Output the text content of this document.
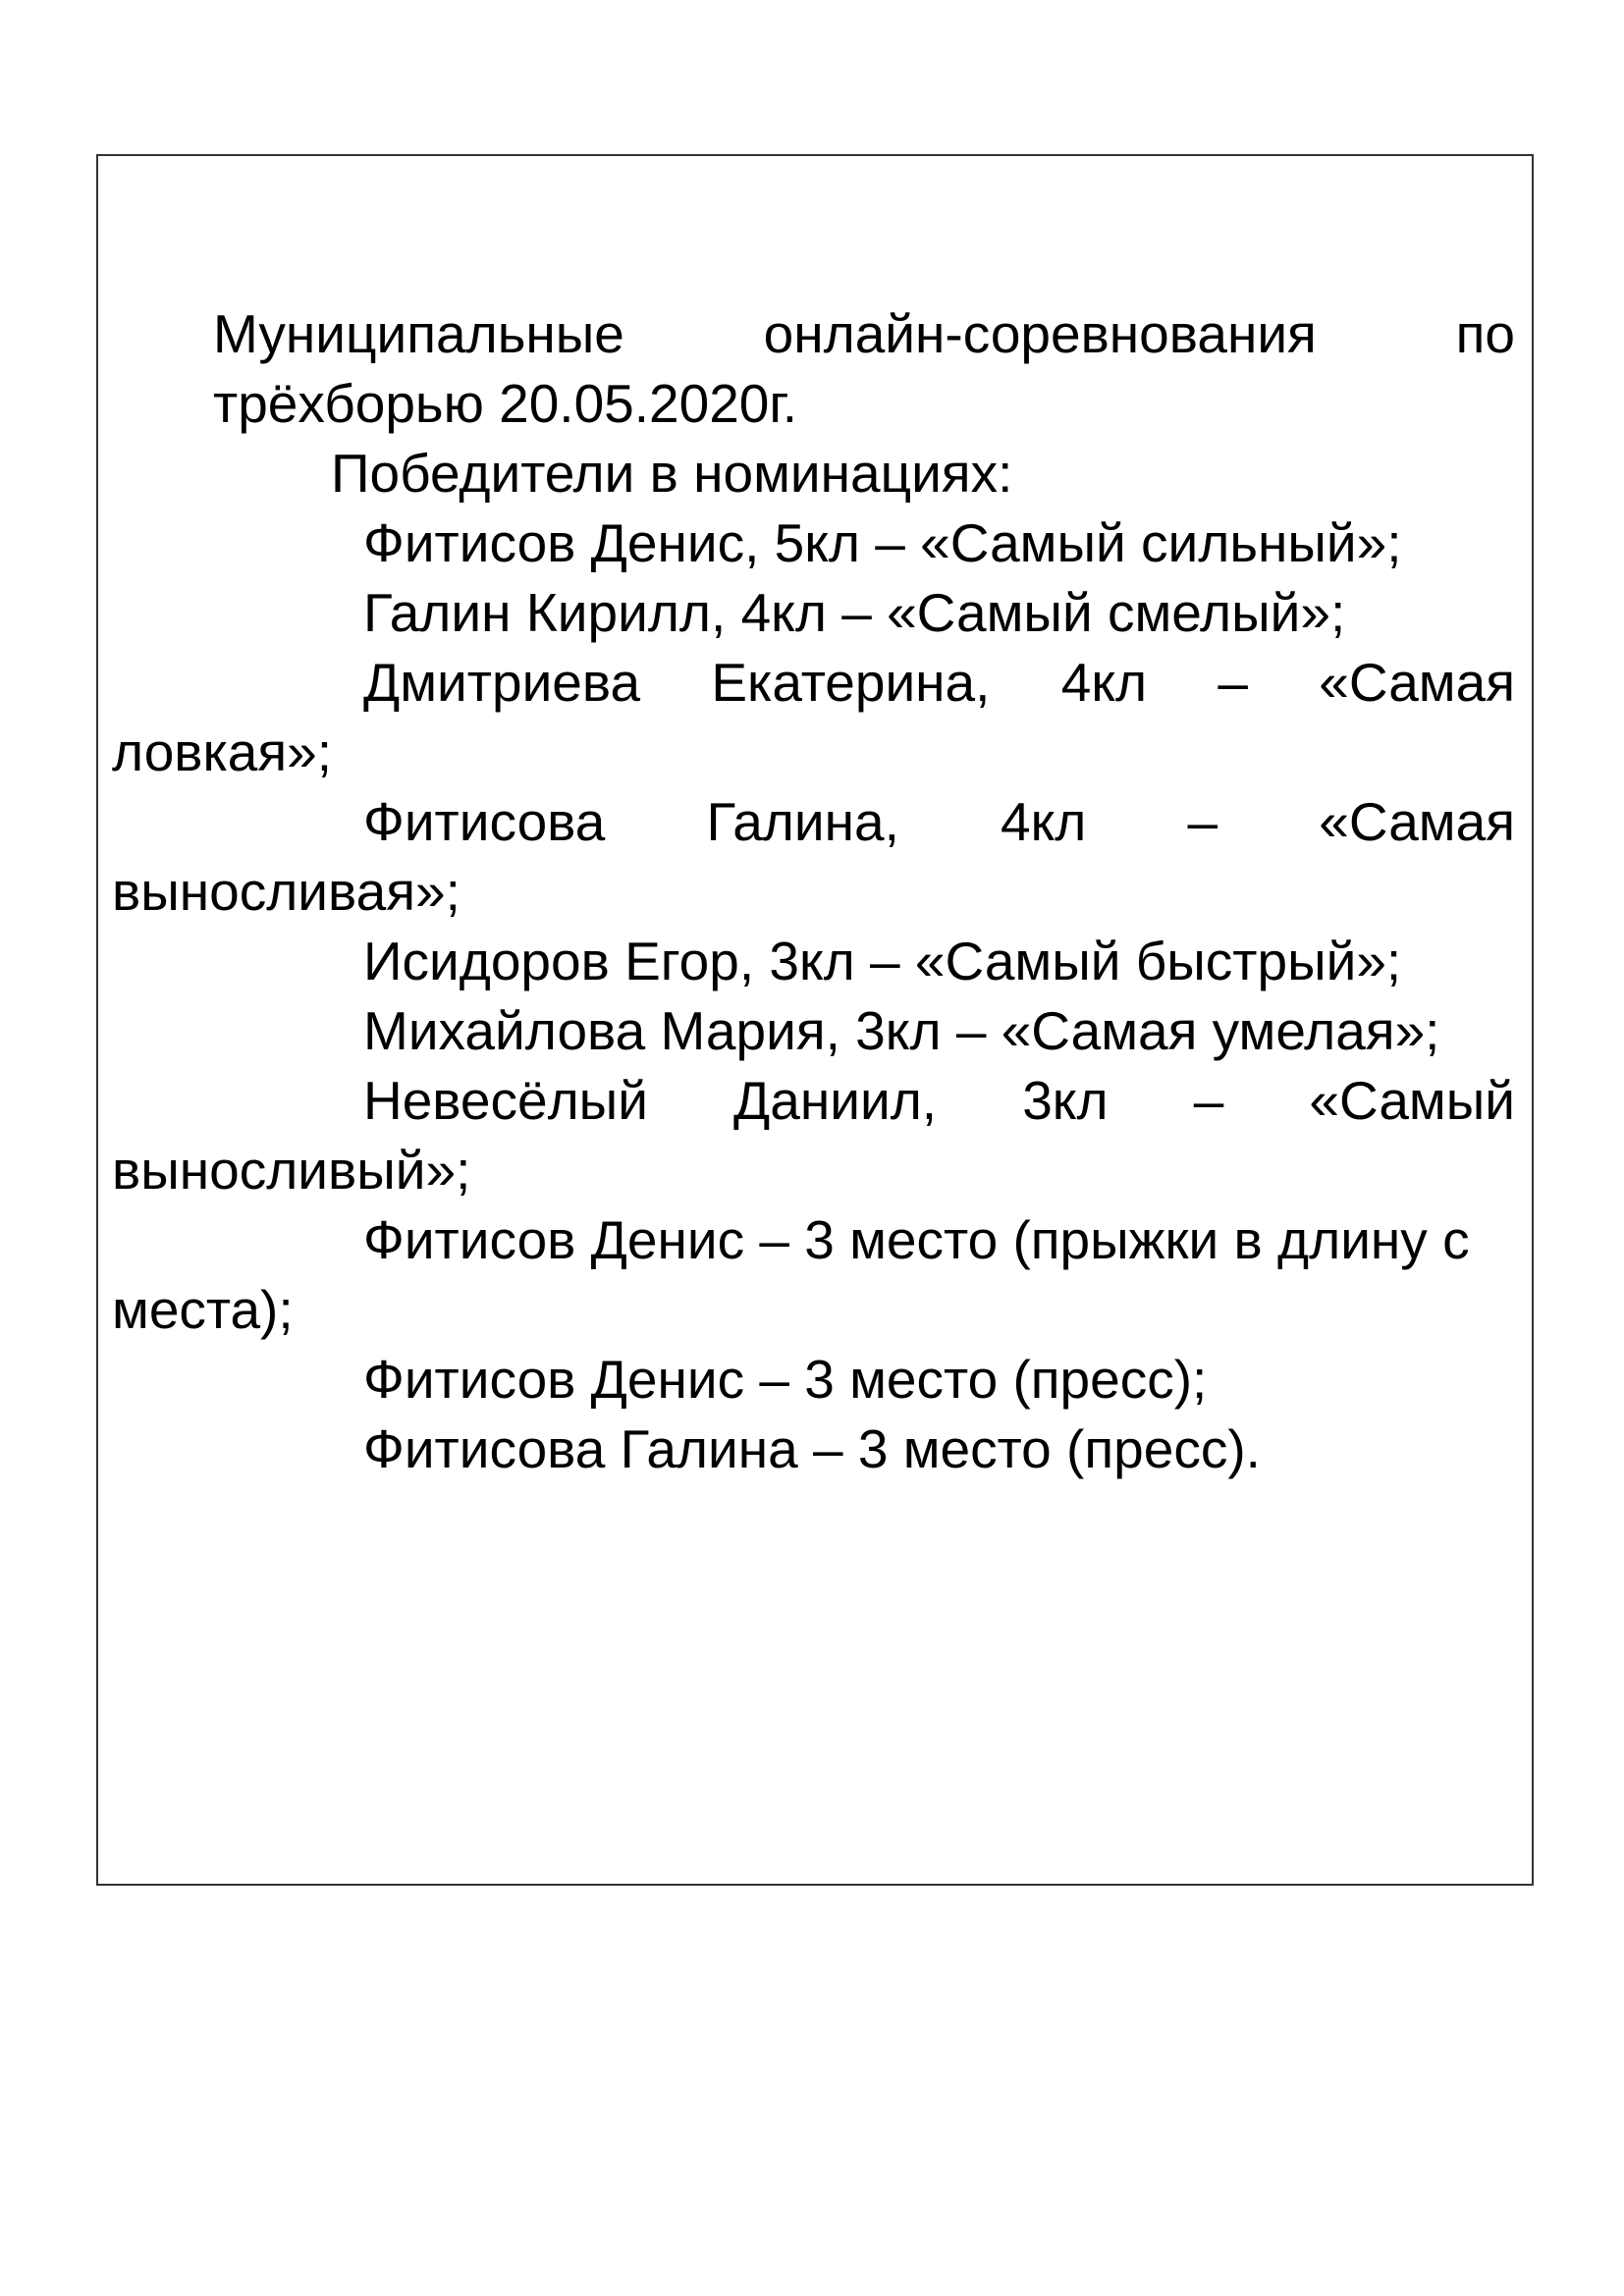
Муниципальные онлайн-соревнования по трёхборью 20.05.2020г.

Победители в номинациях:

Фитисов Денис, 5кл – «Самый сильный»;

Галин Кирилл, 4кл – «Самый смелый»;

Дмитриева Екатерина, 4кл – «Самая ловкая»;

Фитисова Галина, 4кл – «Самая выносливая»;

Исидоров Егор, 3кл – «Самый быстрый»;

Михайлова Мария, 3кл – «Самая умелая»;

Невесёлый Даниил, 3кл – «Самый выносливый»;

Фитисов Денис – 3 место (прыжки в длину с места);

Фитисов Денис – 3 место (пресс);

Фитисова Галина – 3 место (пресс).
